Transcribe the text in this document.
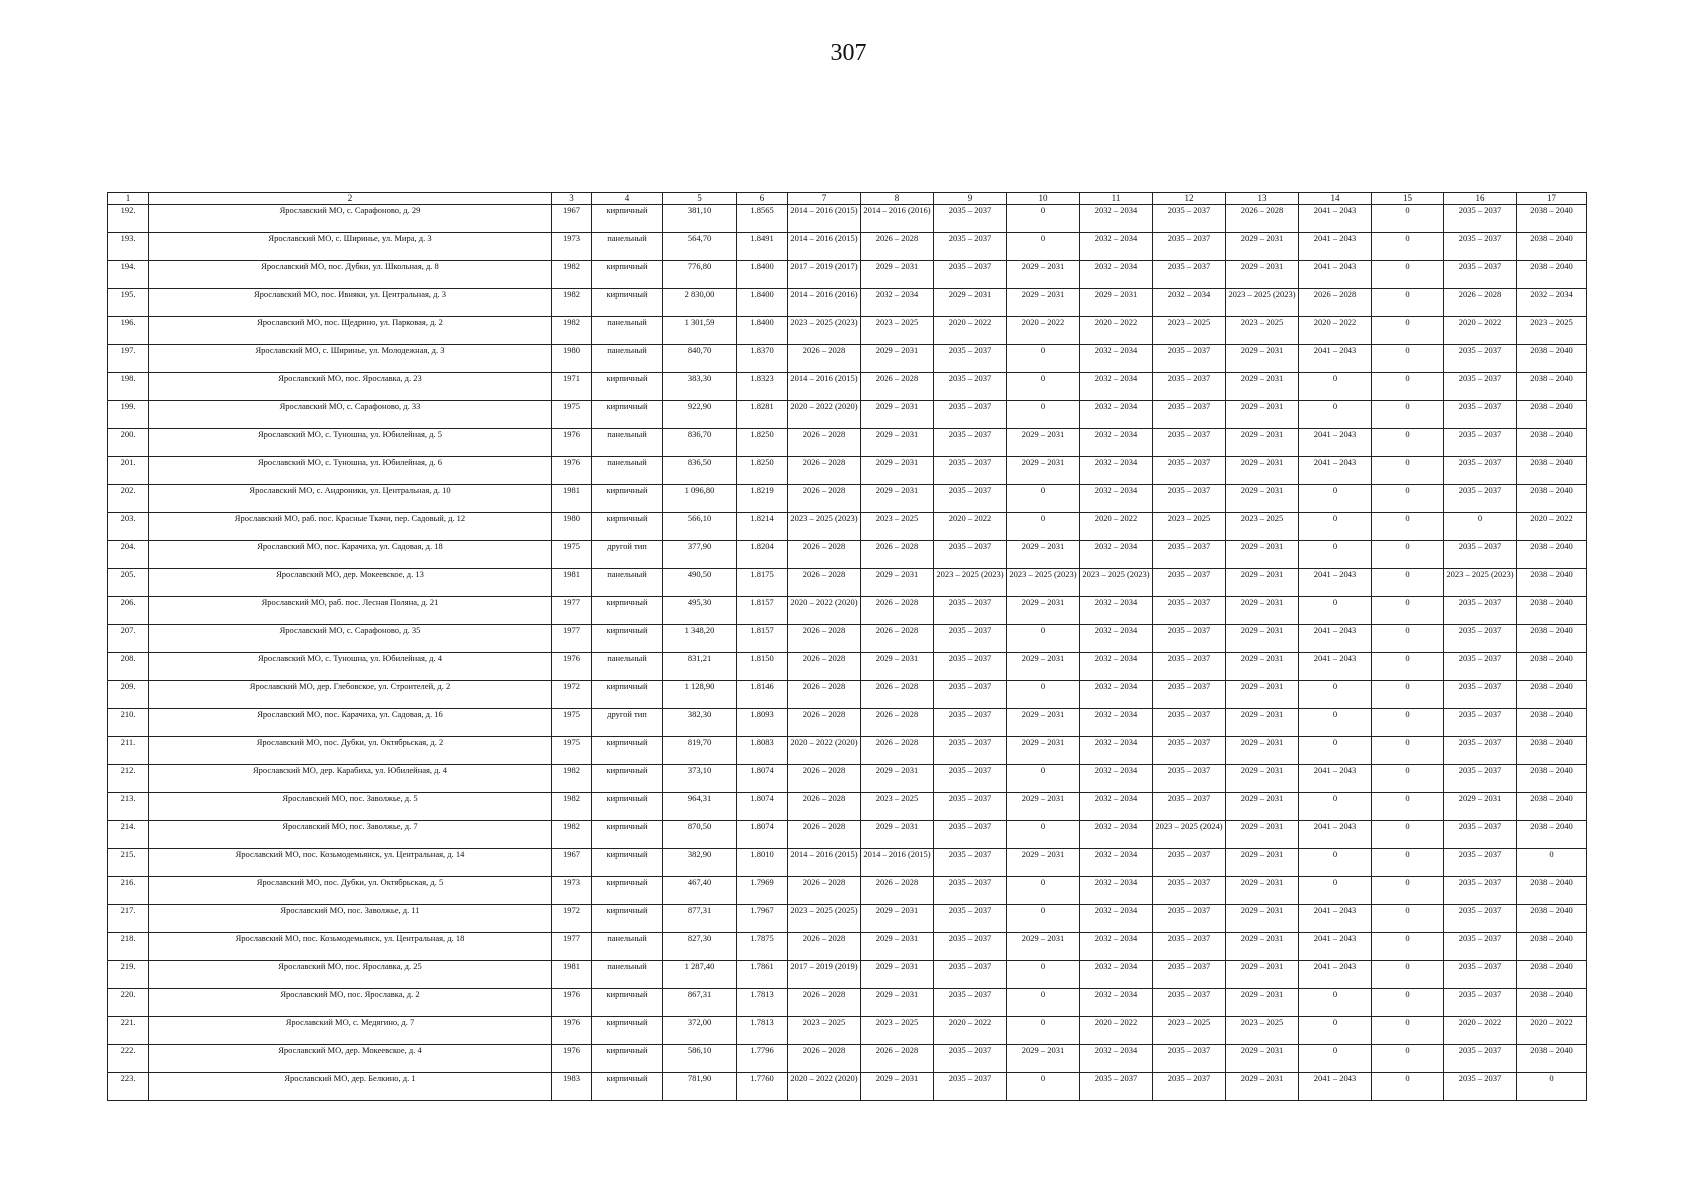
307
1	2	3	4	5	6	7	8	9	10	11	12	13	14	15	16	17
192.	Ярославский МО, с. Сарафоново, д. 29	1967	кирпичный	381,10	1.8565	2014 – 2016 (2015)	2014 – 2016 (2016)	2035 – 2037	0	2032 – 2034	2035 – 2037	2026 – 2028	2041 – 2043	0	2035 – 2037	2038 – 2040
193.	Ярославский МО, с. Ширинье, ул. Мира, д. 3	1973	панельный	564,70	1.8491	2014 – 2016 (2015)	2026 – 2028	2035 – 2037	0	2032 – 2034	2035 – 2037	2029 – 2031	2041 – 2043	0	2035 – 2037	2038 – 2040
194.	Ярославский МО, пос. Дубки, ул. Школьная, д. 8	1982	кирпичный	776,80	1.8400	2017 – 2019 (2017)	2029 – 2031	2035 – 2037	2029 – 2031	2032 – 2034	2035 – 2037	2029 – 2031	2041 – 2043	0	2035 – 2037	2038 – 2040
195.	Ярославский МО, пос. Ивняки, ул. Центральная, д. 3	1982	кирпичный	2 830,00	1.8400	2014 – 2016 (2016)	2032 – 2034	2029 – 2031	2029 – 2031	2029 – 2031	2032 – 2034	2023 – 2025 (2023)	2026 – 2028	0	2026 – 2028	2032 – 2034
196.	Ярославский МО, пос. Щедрино, ул. Парковая, д. 2	1982	панельный	1 301,59	1.8400	2023 – 2025 (2023)	2023 – 2025	2020 – 2022	2020 – 2022	2020 – 2022	2023 – 2025	2023 – 2025	2020 – 2022	0	2020 – 2022	2023 – 2025
197.	Ярославский МО, с. Ширинье, ул. Молодежная, д. 3	1980	панельный	840,70	1.8370	2026 – 2028	2029 – 2031	2035 – 2037	0	2032 – 2034	2035 – 2037	2029 – 2031	2041 – 2043	0	2035 – 2037	2038 – 2040
198.	Ярославский МО, пос. Ярославка, д. 23	1971	кирпичный	383,30	1.8323	2014 – 2016 (2015)	2026 – 2028	2035 – 2037	0	2032 – 2034	2035 – 2037	2029 – 2031	0	0	2035 – 2037	2038 – 2040
199.	Ярославский МО, с. Сарафоново, д. 33	1975	кирпичный	922,90	1.8281	2020 – 2022 (2020)	2029 – 2031	2035 – 2037	0	2032 – 2034	2035 – 2037	2029 – 2031	0	0	2035 – 2037	2038 – 2040
200.	Ярославский МО, с. Туношна, ул. Юбилейная, д. 5	1976	панельный	836,70	1.8250	2026 – 2028	2029 – 2031	2035 – 2037	2029 – 2031	2032 – 2034	2035 – 2037	2029 – 2031	2041 – 2043	0	2035 – 2037	2038 – 2040
201.	Ярославский МО, с. Туношна, ул. Юбилейная, д. 6	1976	панельный	836,50	1.8250	2026 – 2028	2029 – 2031	2035 – 2037	2029 – 2031	2032 – 2034	2035 – 2037	2029 – 2031	2041 – 2043	0	2035 – 2037	2038 – 2040
202.	Ярославский МО, с. Андроники, ул. Центральная, д. 10	1981	кирпичный	1 096,80	1.8219	2026 – 2028	2029 – 2031	2035 – 2037	0	2032 – 2034	2035 – 2037	2029 – 2031	0	0	2035 – 2037	2038 – 2040
203.	Ярославский МО, раб. пос. Красные Ткачи, пер. Садовый, д. 12	1980	кирпичный	566,10	1.8214	2023 – 2025 (2023)	2023 – 2025	2020 – 2022	0	2020 – 2022	2023 – 2025	2023 – 2025	0	0	0	2020 – 2022
204.	Ярославский МО, пос. Карачиха, ул. Садовая, д. 18	1975	другой тип	377,90	1.8204	2026 – 2028	2026 – 2028	2035 – 2037	2029 – 2031	2032 – 2034	2035 – 2037	2029 – 2031	0	0	2035 – 2037	2038 – 2040
205.	Ярославский МО, дер. Мокеевское, д. 13	1981	панельный	490,50	1.8175	2026 – 2028	2029 – 2031	2023 – 2025 (2023)	2023 – 2025 (2023)	2023 – 2025 (2023)	2035 – 2037	2029 – 2031	2041 – 2043	0	2023 – 2025 (2023)	2038 – 2040
206.	Ярославский МО, раб. пос. Лесная Поляна, д. 21	1977	кирпичный	495,30	1.8157	2020 – 2022 (2020)	2026 – 2028	2035 – 2037	2029 – 2031	2032 – 2034	2035 – 2037	2029 – 2031	0	0	2035 – 2037	2038 – 2040
207.	Ярославский МО, с. Сарафоново, д. 35	1977	кирпичный	1 348,20	1.8157	2026 – 2028	2026 – 2028	2035 – 2037	0	2032 – 2034	2035 – 2037	2029 – 2031	2041 – 2043	0	2035 – 2037	2038 – 2040
208.	Ярославский МО, с. Туношна, ул. Юбилейная, д. 4	1976	панельный	831,21	1.8150	2026 – 2028	2029 – 2031	2035 – 2037	2029 – 2031	2032 – 2034	2035 – 2037	2029 – 2031	2041 – 2043	0	2035 – 2037	2038 – 2040
209.	Ярославский МО, дер. Глебовское, ул. Строителей, д. 2	1972	кирпичный	1 128,90	1.8146	2026 – 2028	2026 – 2028	2035 – 2037	0	2032 – 2034	2035 – 2037	2029 – 2031	0	0	2035 – 2037	2038 – 2040
210.	Ярославский МО, пос. Карачиха, ул. Садовая, д. 16	1975	другой тип	382,30	1.8093	2026 – 2028	2026 – 2028	2035 – 2037	2029 – 2031	2032 – 2034	2035 – 2037	2029 – 2031	0	0	2035 – 2037	2038 – 2040
211.	Ярославский МО, пос. Дубки, ул. Октябрьская, д. 2	1975	кирпичный	819,70	1.8083	2020 – 2022 (2020)	2026 – 2028	2035 – 2037	2029 – 2031	2032 – 2034	2035 – 2037	2029 – 2031	0	0	2035 – 2037	2038 – 2040
212.	Ярославский МО, дер. Карабиха, ул. Юбилейная, д. 4	1982	кирпичный	373,10	1.8074	2026 – 2028	2029 – 2031	2035 – 2037	0	2032 – 2034	2035 – 2037	2029 – 2031	2041 – 2043	0	2035 – 2037	2038 – 2040
213.	Ярославский МО, пос. Заволжье, д. 5	1982	кирпичный	964,31	1.8074	2026 – 2028	2023 – 2025	2035 – 2037	2029 – 2031	2032 – 2034	2035 – 2037	2029 – 2031	0	0	2029 – 2031	2038 – 2040
214.	Ярославский МО, пос. Заволжье, д. 7	1982	кирпичный	870,50	1.8074	2026 – 2028	2029 – 2031	2035 – 2037	0	2032 – 2034	2023 – 2025 (2024)	2029 – 2031	2041 – 2043	0	2035 – 2037	2038 – 2040
215.	Ярославский МО, пос. Козьмодемьянск, ул. Центральная, д. 14	1967	кирпичный	382,90	1.8010	2014 – 2016 (2015)	2014 – 2016 (2015)	2035 – 2037	2029 – 2031	2032 – 2034	2035 – 2037	2029 – 2031	0	0	2035 – 2037	0
216.	Ярославский МО, пос. Дубки, ул. Октябрьская, д. 5	1973	кирпичный	467,40	1.7969	2026 – 2028	2026 – 2028	2035 – 2037	0	2032 – 2034	2035 – 2037	2029 – 2031	0	0	2035 – 2037	2038 – 2040
217.	Ярославский МО, пос. Заволжье, д. 11	1972	кирпичный	877,31	1.7967	2023 – 2025 (2025)	2029 – 2031	2035 – 2037	0	2032 – 2034	2035 – 2037	2029 – 2031	2041 – 2043	0	2035 – 2037	2038 – 2040
218.	Ярославский МО, пос. Козьмодемьянск, ул. Центральная, д. 18	1977	панельный	827,30	1.7875	2026 – 2028	2029 – 2031	2035 – 2037	2029 – 2031	2032 – 2034	2035 – 2037	2029 – 2031	2041 – 2043	0	2035 – 2037	2038 – 2040
219.	Ярославский МО, пос. Ярославка, д. 25	1981	панельный	1 287,40	1.7861	2017 – 2019 (2019)	2029 – 2031	2035 – 2037	0	2032 – 2034	2035 – 2037	2029 – 2031	2041 – 2043	0	2035 – 2037	2038 – 2040
220.	Ярославский МО, пос. Ярославка, д. 2	1976	кирпичный	867,31	1.7813	2026 – 2028	2029 – 2031	2035 – 2037	0	2032 – 2034	2035 – 2037	2029 – 2031	0	0	2035 – 2037	2038 – 2040
221.	Ярославский МО, с. Медягино, д. 7	1976	кирпичный	372,00	1.7813	2023 – 2025	2023 – 2025	2020 – 2022	0	2020 – 2022	2023 – 2025	2023 – 2025	0	0	2020 – 2022	2020 – 2022
222.	Ярославский МО, дер. Мокеевское, д. 4	1976	кирпичный	586,10	1.7796	2026 – 2028	2026 – 2028	2035 – 2037	2029 – 2031	2032 – 2034	2035 – 2037	2029 – 2031	0	0	2035 – 2037	2038 – 2040
223.	Ярославский МО, дер. Белкино, д. 1	1983	кирпичный	781,90	1.7760	2020 – 2022 (2020)	2029 – 2031	2035 – 2037	0	2035 – 2037	2035 – 2037	2029 – 2031	2041 – 2043	0	2035 – 2037	0
